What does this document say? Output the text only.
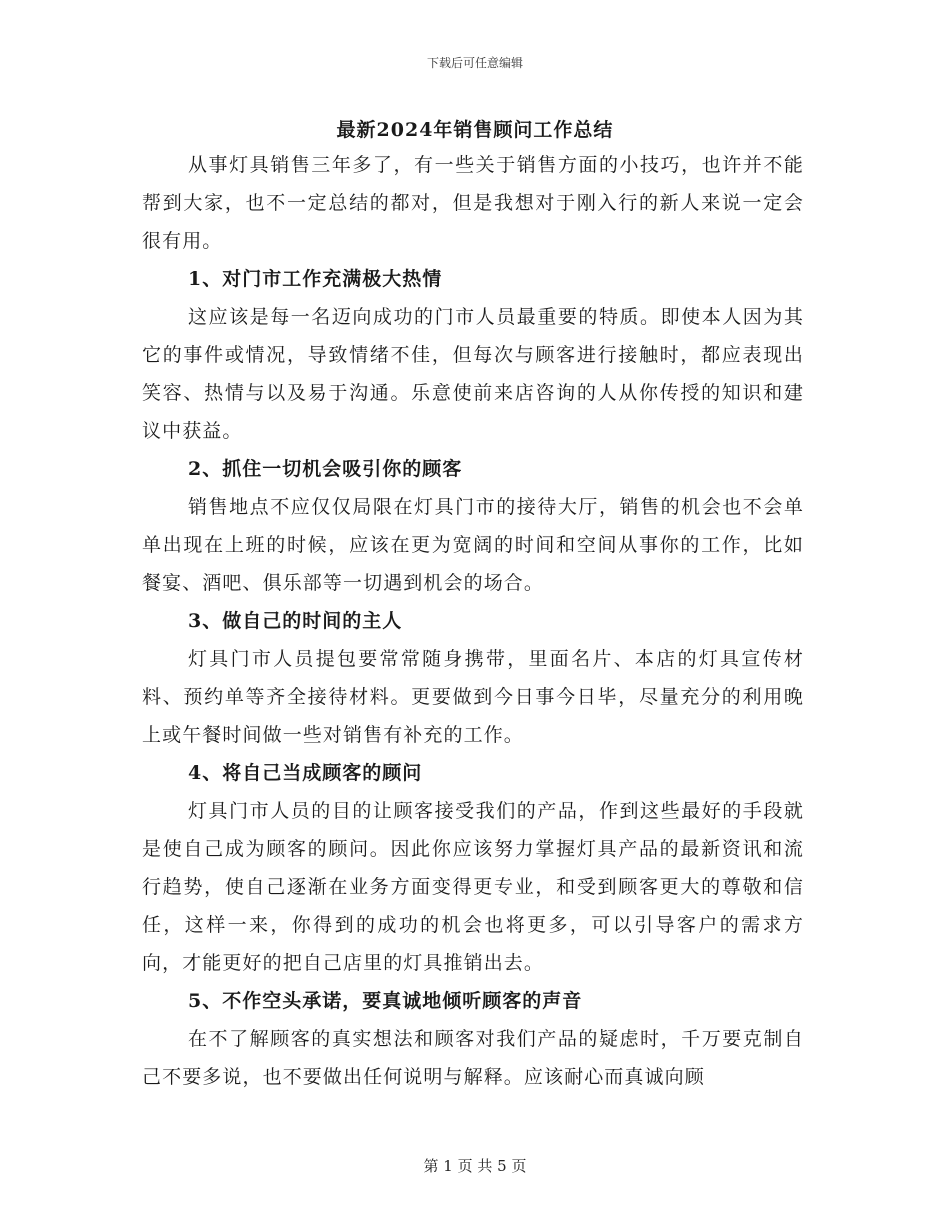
下载后可任意编辑
最新2024年销售顾问工作总结

从事灯具销售三年多了，有一些关于销售方面的小技巧，也许并不能帮到大家，也不一定总结的都对，但是我想对于刚入行的新人来说一定会很有用。

1、对门市工作充满极大热情

这应该是每一名迈向成功的门市人员最重要的特质。即使本人因为其它的事件或情况，导致情绪不佳，但每次与顾客进行接触时，都应表现出笑容、热情与以及易于沟通。乐意使前来店咨询的人从你传授的知识和建议中获益。

2、抓住一切机会吸引你的顾客

销售地点不应仅仅局限在灯具门市的接待大厅，销售的机会也不会单单出现在上班的时候，应该在更为宽阔的时间和空间从事你的工作，比如餐宴、酒吧、俱乐部等一切遇到机会的场合。

3、做自己的时间的主人

灯具门市人员提包要常常随身携带，里面名片、本店的灯具宣传材料、预约单等齐全接待材料。更要做到今日事今日毕，尽量充分的利用晚上或午餐时间做一些对销售有补充的工作。

4、将自己当成顾客的顾问

灯具门市人员的目的让顾客接受我们的产品，作到这些最好的手段就是使自己成为顾客的顾问。因此你应该努力掌握灯具产品的最新资讯和流行趋势，使自己逐渐在业务方面变得更专业，和受到顾客更大的尊敬和信任，这样一来，你得到的成功的机会也将更多，可以引导客户的需求方向，才能更好的把自己店里的灯具推销出去。

5、不作空头承诺，要真诚地倾听顾客的声音

在不了解顾客的真实想法和顾客对我们产品的疑虑时，千万要克制自己不要多说，也不要做出任何说明与解释。应该耐心而真诚向顾

第 1 页 共 5 页
